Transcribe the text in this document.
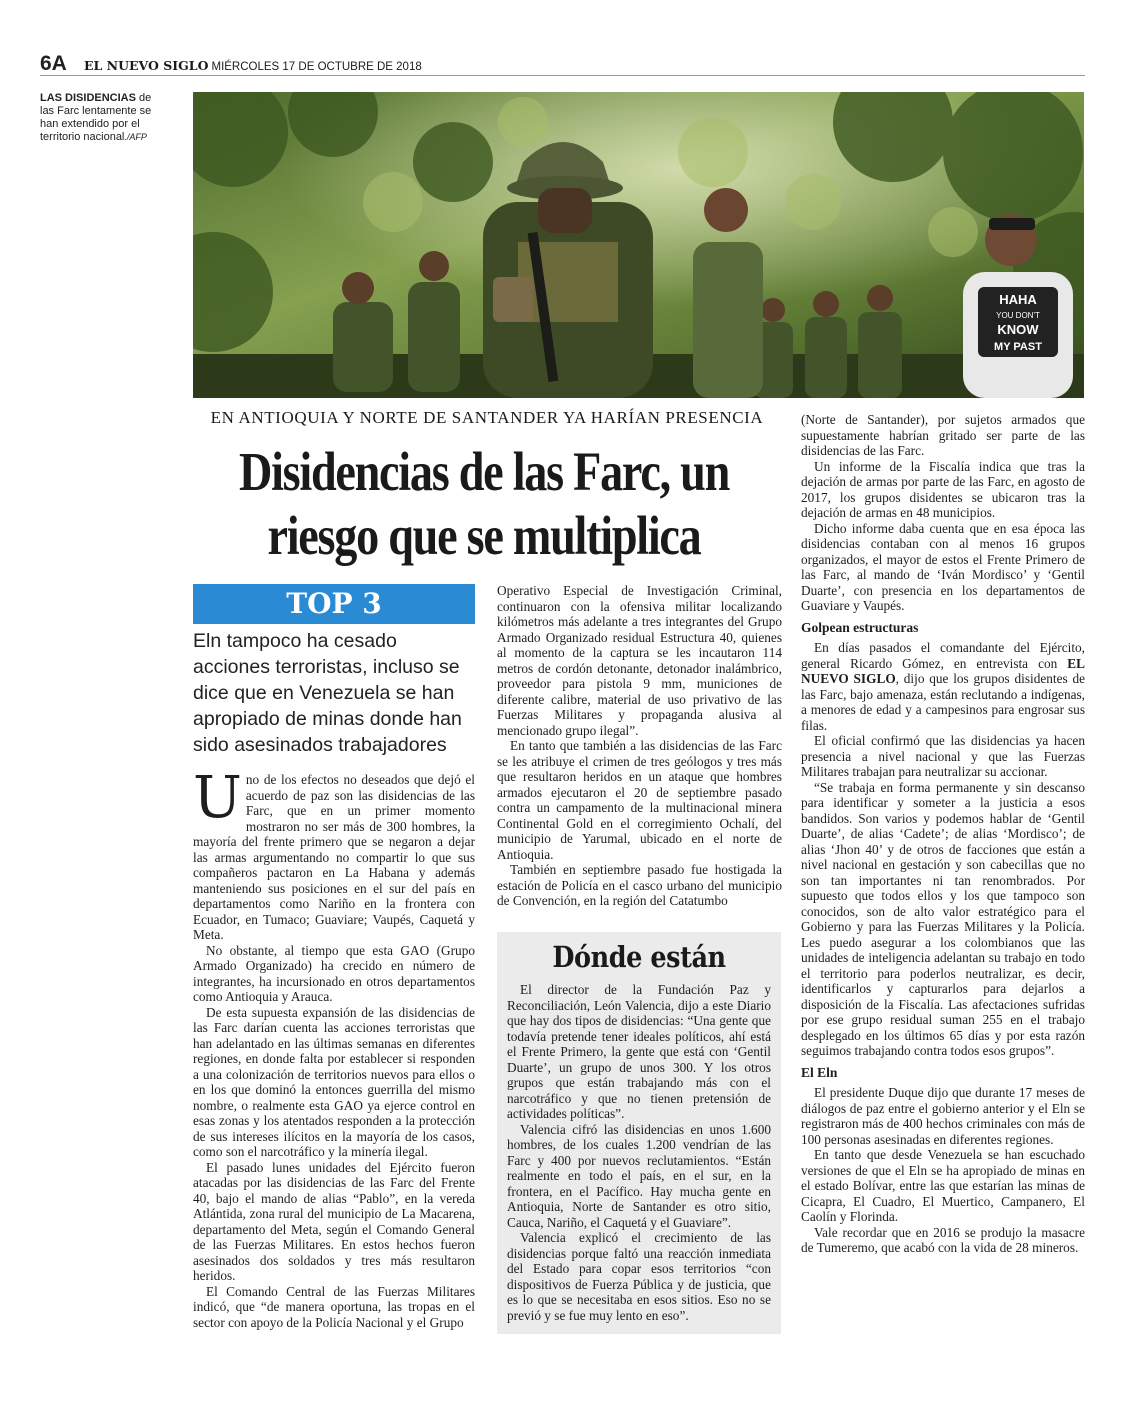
6A EL NUEVO SIGLO MIÉRCOLES 17 DE OCTUBRE DE 2018
LAS DISIDENCIAS de las Farc lentamente se han extendido por el territorio nacional./AFP
HAHA
YOU DON'T
KNOW
MY PAST
EN ANTIOQUIA Y NORTE DE SANTANDER YA HARÍAN PRESENCIA
Disidencias de las Farc, un
riesgo que se multiplica
TOP 3
Eln tampoco ha cesado acciones terroristas, incluso se dice que en Venezuela se han apropiado de minas donde han sido asesinados trabajadores

Uno de los efectos no deseados que dejó el acuerdo de paz son las disidencias de las Farc, que en un primer momento mostraron no ser más de 300 hombres, la mayoría del frente primero que se negaron a dejar las armas argumentando no compartir lo que sus compañeros pactaron en La Habana y además manteniendo sus posiciones en el sur del país en departamentos como Nariño en la frontera con Ecuador, en Tumaco; Guaviare; Vaupés, Caquetá y Meta.

No obstante, al tiempo que esta GAO (Grupo Armado Organizado) ha crecido en número de integrantes, ha incursionado en otros departamentos como Antioquia y Arauca.

De esta supuesta expansión de las disidencias de las Farc darían cuenta las acciones terroristas que han adelantado en las últimas semanas en diferentes regiones, en donde falta por establecer si responden a una colonización de territorios nuevos para ellos o en los que dominó la entonces guerrilla del mismo nombre, o realmente esta GAO ya ejerce control en esas zonas y los atentados responden a la protección de sus intereses ilícitos en la mayoría de los casos, como son el narcotráfico y la minería ilegal.

El pasado lunes unidades del Ejército fueron atacadas por las disidencias de las Farc del Frente 40, bajo el mando de alias “Pablo”, en la vereda Atlántida, zona rural del municipio de La Macarena, departamento del Meta, según el Comando General de las Fuerzas Militares. En estos hechos fueron asesinados dos soldados y tres más resultaron heridos.

El Comando Central de las Fuerzas Militares indicó, que “de manera oportuna, las tropas en el sector con apoyo de la Policía Nacional y el Grupo

Operativo Especial de Investigación Criminal, continuaron con la ofensiva militar localizando kilómetros más adelante a tres integrantes del Grupo Armado Organizado residual Estructura 40, quienes al momento de la captura se les incautaron 114 metros de cordón detonante, detonador inalámbrico, proveedor para pistola 9 mm, municiones de diferente calibre, material de uso privativo de las Fuerzas Militares y propaganda alusiva al mencionado grupo ilegal”.

En tanto que también a las disidencias de las Farc se les atribuye el crimen de tres geólogos y tres más que resultaron heridos en un ataque que hombres armados ejecutaron el 20 de septiembre pasado contra un campamento de la multinacional minera Continental Gold en el corregimiento Ochalí, del municipio de Yarumal, ubicado en el norte de Antioquia.

También en septiembre pasado fue hostigada la estación de Policía en el casco urbano del municipio de Convención, en la región del Catatumbo

Dónde están

El director de la Fundación Paz y Reconciliación, León Valencia, dijo a este Diario que hay dos tipos de disidencias: “Una gente que todavía pretende tener ideales políticos, ahí está el Frente Primero, la gente que está con ‘Gentil Duarte’, un grupo de unos 300. Y los otros grupos que están trabajando más con el narcotráfico y que no tienen pretensión de actividades políticas”.

Valencia cifró las disidencias en unos 1.600 hombres, de los cuales 1.200 vendrían de las Farc y 400 por nuevos reclutamientos. “Están realmente en todo el país, en el sur, en la frontera, en el Pacífico. Hay mucha gente en Antioquia, Norte de Santander es otro sitio, Cauca, Nariño, el Caquetá y el Guaviare”.

Valencia explicó el crecimiento de las disidencias porque faltó una reacción inmediata del Estado para copar esos territorios “con dispositivos de Fuerza Pública y de justicia, que es lo que se necesitaba en esos sitios. Eso no se previó y se fue muy lento en eso”.

(Norte de Santander), por sujetos armados que supuestamente habrían gritado ser parte de las disidencias de las Farc.

Un informe de la Fiscalía indica que tras la dejación de armas por parte de las Farc, en agosto de 2017, los grupos disidentes se ubicaron tras la dejación de armas en 48 municipios.

Dicho informe daba cuenta que en esa época las disidencias contaban con al menos 16 grupos organizados, el mayor de estos el Frente Primero de las Farc, al mando de ‘Iván Mordisco’ y ‘Gentil Duarte’, con presencia en los departamentos de Guaviare y Vaupés.

Golpean estructuras

En días pasados el comandante del Ejército, general Ricardo Gómez, en entrevista con EL NUEVO SIGLO, dijo que los grupos disidentes de las Farc, bajo amenaza, están reclutando a indígenas, a menores de edad y a campesinos para engrosar sus filas.

El oficial confirmó que las disidencias ya hacen presencia a nivel nacional y que las Fuerzas Militares trabajan para neutralizar su accionar.

“Se trabaja en forma permanente y sin descanso para identificar y someter a la justicia a esos bandidos. Son varios y podemos hablar de ‘Gentil Duarte’, de alias ‘Cadete’; de alias ‘Mordisco’; de alias ‘Jhon 40’ y de otros de facciones que están a nivel nacional en gestación y son cabecillas que no son tan importantes ni tan renombrados. Por supuesto que todos ellos y los que tampoco son conocidos, son de alto valor estratégico para el Gobierno y para las Fuerzas Militares y la Policía. Les puedo asegurar a los colombianos que las unidades de inteligencia adelantan su trabajo en todo el territorio para poderlos neutralizar, es decir, identificarlos y capturarlos para dejarlos a disposición de la Fiscalía. Las afectaciones sufridas por ese grupo residual suman 255 en el trabajo desplegado en los últimos 65 días y por esta razón seguimos trabajando contra todos esos grupos”.

El Eln

El presidente Duque dijo que durante 17 meses de diálogos de paz entre el gobierno anterior y el Eln se registraron más de 400 hechos criminales con más de 100 personas asesinadas en diferentes regiones.

En tanto que desde Venezuela se han escuchado versiones de que el Eln se ha apropiado de minas en el estado Bolívar, entre las que estarían las minas de Cicapra, El Cuadro, El Muertico, Campanero, El Caolín y Florinda.

Vale recordar que en 2016 se produjo la masacre de Tumeremo, que acabó con la vida de 28 mineros.
